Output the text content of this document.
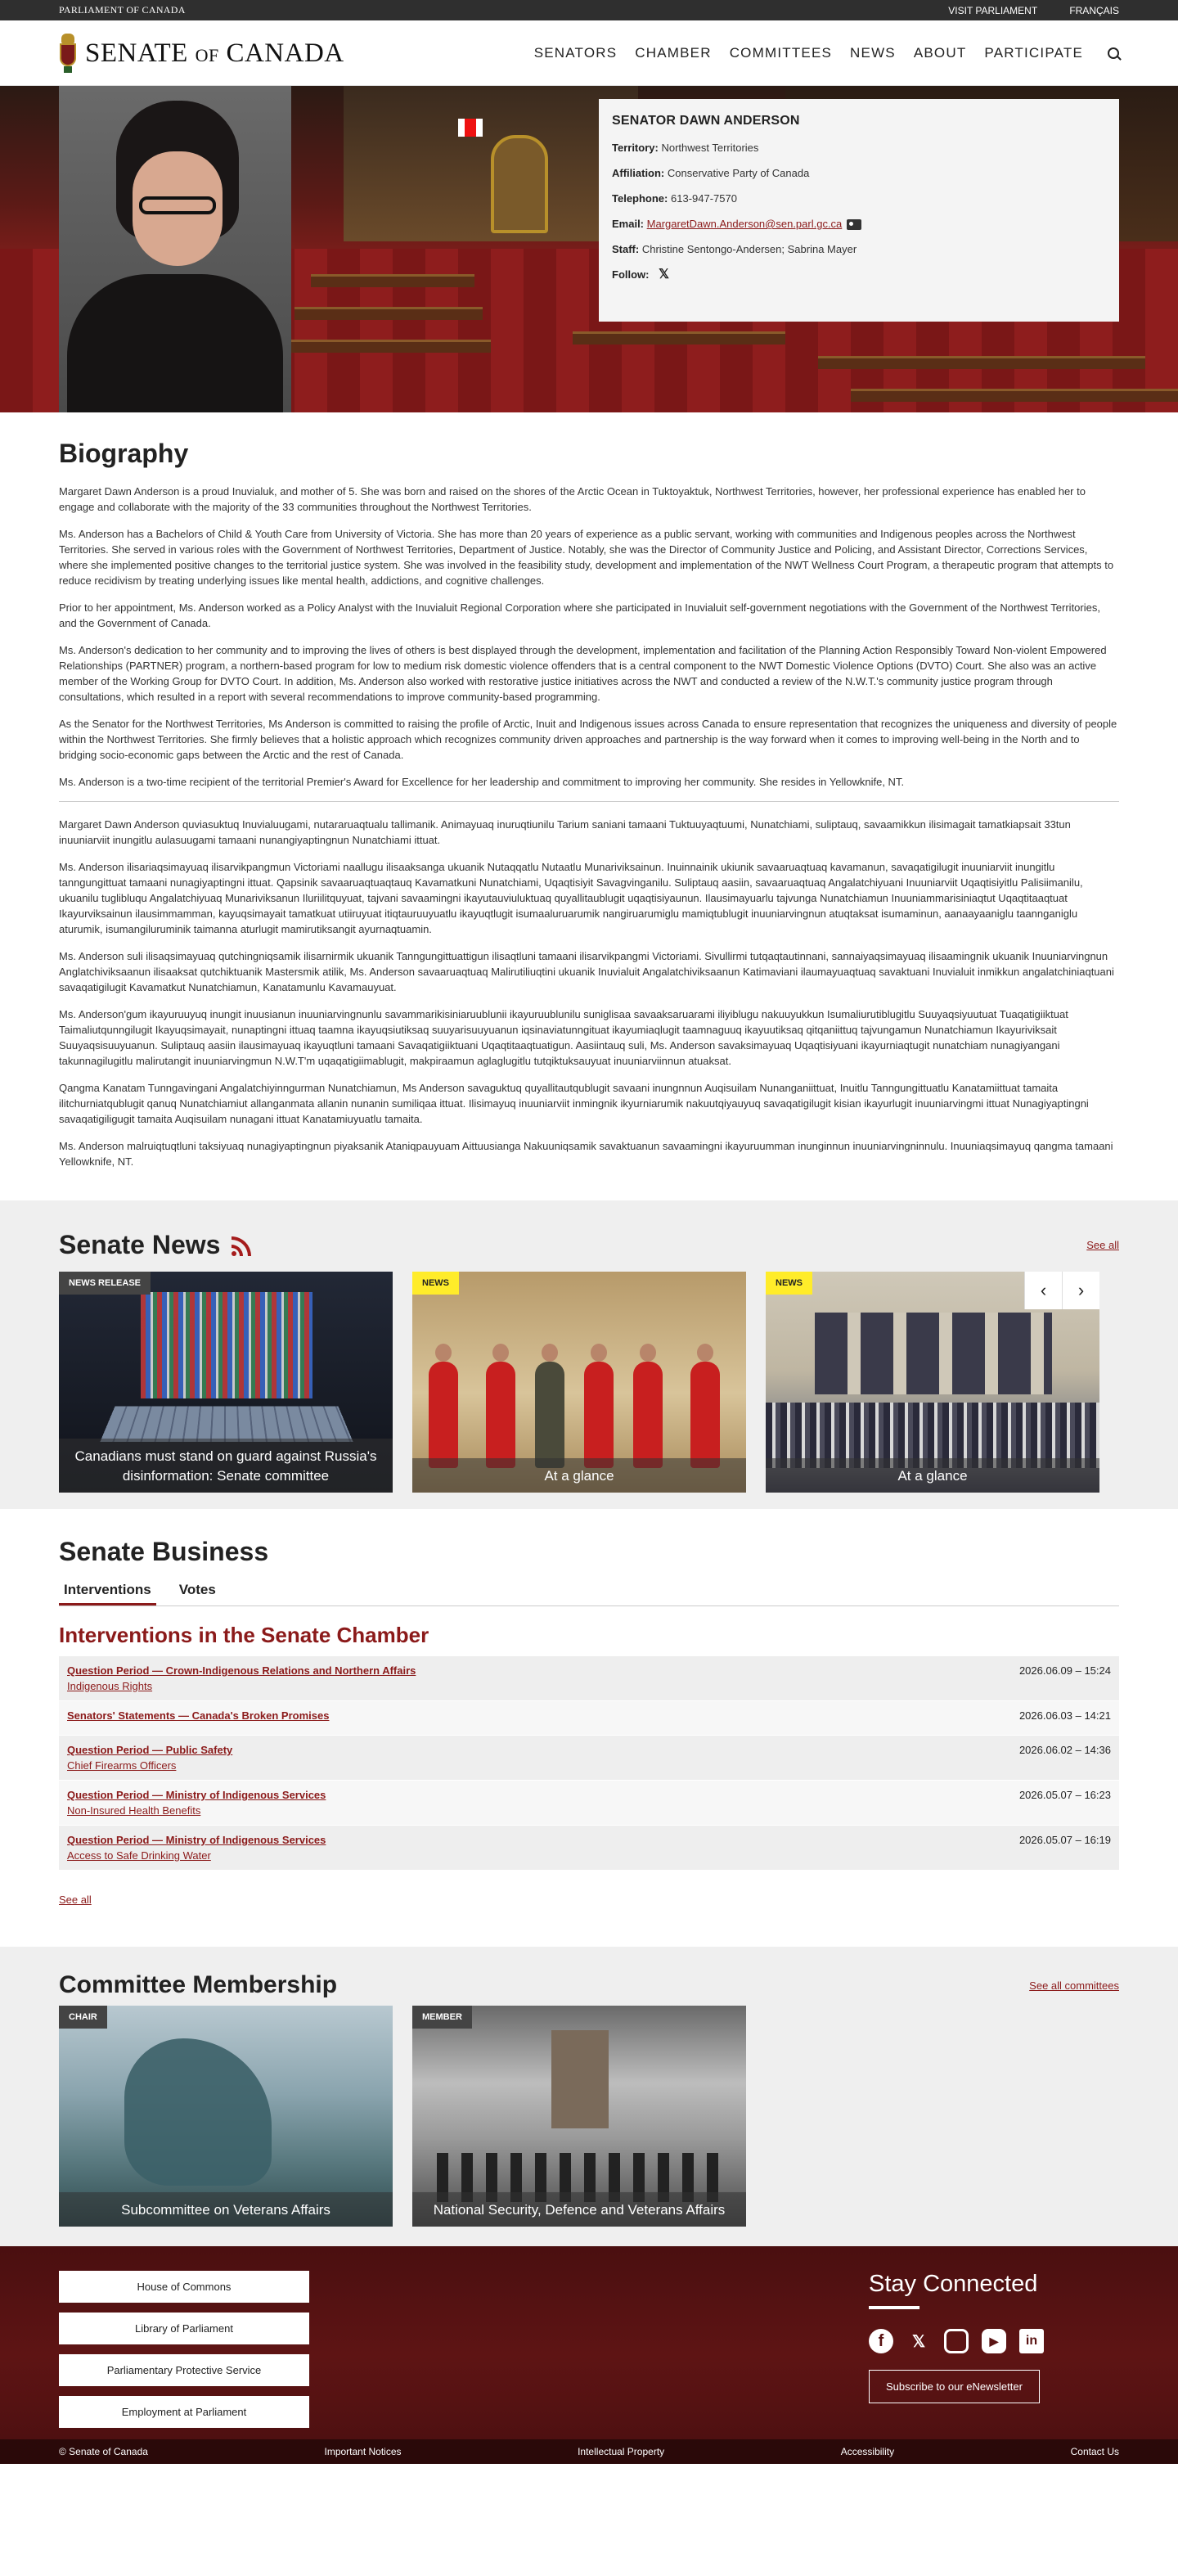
PARLIAMENT OF CANADA	VISIT PARLIAMENT	FRANÇAIS
SENATE OF CANADA	SENATORS CHAMBER COMMITTEES NEWS ABOUT PARTICIPATE
SENATOR DAWN ANDERSON

Territory: Northwest Territories

Affiliation: Conservative Party of Canada

Telephone: 613-947-7570

Email: MargaretDawn.Anderson@sen.parl.gc.ca

Staff: Christine Sentongo-Andersen; Sabrina Mayer

Follow: 𝕏

Biography

Margaret Dawn Anderson is a proud Inuvialuk, and mother of 5. She was born and raised on the shores of the Arctic Ocean in Tuktoyaktuk, Northwest Territories, however, her professional experience has enabled her to engage and collaborate with the majority of the 33 communities throughout the Northwest Territories.

Ms. Anderson has a Bachelors of Child & Youth Care from University of Victoria. She has more than 20 years of experience as a public servant, working with communities and Indigenous peoples across the Northwest Territories. She served in various roles with the Government of Northwest Territories, Department of Justice. Notably, she was the Director of Community Justice and Policing, and Assistant Director, Corrections Services, where she implemented positive changes to the territorial justice system. She was involved in the feasibility study, development and implementation of the NWT Wellness Court Program, a therapeutic program that attempts to reduce recidivism by treating underlying issues like mental health, addictions, and cognitive challenges.

Prior to her appointment, Ms. Anderson worked as a Policy Analyst with the Inuvialuit Regional Corporation where she participated in Inuvialuit self-government negotiations with the Government of the Northwest Territories, and the Government of Canada.

Ms. Anderson's dedication to her community and to improving the lives of others is best displayed through the development, implementation and facilitation of the Planning Action Responsibly Toward Non-violent Empowered Relationships (PARTNER) program, a northern-based program for low to medium risk domestic violence offenders that is a central component to the NWT Domestic Violence Options (DVTO) Court. She also was an active member of the Working Group for DVTO Court. In addition, Ms. Anderson also worked with restorative justice initiatives across the NWT and conducted a review of the N.W.T.'s community justice program through consultations, which resulted in a report with several recommendations to improve community-based programming.

As the Senator for the Northwest Territories, Ms Anderson is committed to raising the profile of Arctic, Inuit and Indigenous issues across Canada to ensure representation that recognizes the uniqueness and diversity of people within the Northwest Territories. She firmly believes that a holistic approach which recognizes community driven approaches and partnership is the way forward when it comes to improving well-being in the North and to bridging socio-economic gaps between the Arctic and the rest of Canada.

Ms. Anderson is a two-time recipient of the territorial Premier's Award for Excellence for her leadership and commitment to improving her community. She resides in Yellowknife, NT.

Margaret Dawn Anderson quviasuktuq Inuvialuugami, nutararuaqtualu tallimanik. Animayuaq inuruqtiunilu Tarium saniani tamaani Tuktuuyaqtuumi, Nunatchiami, suliptauq, savaamikkun ilisimagait tamatkiapsait 33tun inuuniarviit inungitlu aulasuugami tamaani nunangiyaptingnun Nunatchiami ittuat.

Ms. Anderson ilisariaqsimayuaq ilisarvikpangmun Victoriami naallugu ilisaaksanga ukuanik Nutaqqatlu Nutaatlu Munariviksainun. Inuinnainik ukiunik savaaruaqtuaq kavamanun, savaqatigilugit inuuniarviit inungitlu tanngungittuat tamaani nunagiyaptingni ittuat. Qapsinik savaaruaqtuaqtauq Kavamatkuni Nunatchiami, Uqaqtisiyit Savagvinganilu. Suliptauq aasiin, savaaruaqtuaq Angalatchiyuani Inuuniarviit Uqaqtisiyitlu Palisiimanilu, ukuanilu tuglibluqu Angalatchiyuaq Munariviksanun Iluriilitquyuat, tajvani savaamingni ikayutauviuluktuaq quyallitaublugit uqaqtisiyaunun. Ilausimayuarlu tajvunga Nunatchiamun Inuuniammarisiniaqtut Uqaqtitaaqtuat Ikayurviksainun ilausimmamman, kayuqsimayait tamatkuat utiiruyuat itiqtauruuyuatlu ikayuqtlugit isumaaluruarumik nangiruarumiglu mamiqtublugit inuuniarvingnun atuqtaksat isumaminun, aanaayaaniglu taannganiglu aturumik, isumangiluruminik taimanna aturlugit mamirutiksangit ayurnaqtuamin.

Ms. Anderson suli ilisaqsimayuaq qutchingniqsamik ilisarnirmik ukuanik Tanngungittuattigun ilisaqtluni tamaani ilisarvikpangmi Victoriami. Sivullirmi tutqaqtautinnani, sannaiyaqsimayuaq ilisaamingnik ukuanik Inuuniarvingnun Anglatchiviksaanun ilisaaksat qutchiktuanik Mastersmik atilik, Ms. Anderson savaaruaqtuaq Malirutiliuqtini ukuanik Inuvialuit Angalatchiviksaanun Katimaviani ilaumayuaqtuaq savaktuani Inuvialuit inmikkun angalatchiniaqtuani savaqatigilugit Kavamatkut Nunatchiamun, Kanatamunlu Kavamauyuat.

Ms. Anderson'gum ikayuruuyuq inungit inuusianun inuuniarvingnunlu savammarikisiniaruublunii ikayuruublunilu suniglisaa savaaksaruarami iliyiblugu nakuuyukkun Isumaliurutiblugitlu Suuyaqsiyuutuat Tuaqatigiiktuat Taimaliutqunngilugit Ikayuqsimayait, nunaptingni ittuaq taamna ikayuqsiutiksaq suuyarisuuyuanun iqsinaviatunngituat ikayumiaqlugit taamnaguuq ikayuutiksaq qitqaniittuq tajvungamun Nunatchiamun Ikayuriviksait Suuyaqsisuuyuanun. Suliptauq aasiin ilausimayuaq ikayuqtluni tamaani Savaqatigiiktuani Uqaqtitaaqtuatigun. Aasiintauq suli, Ms. Anderson savaksimayuaq Uqaqtisiyuani ikayurniaqtugit nunatchiam nunagiyangani takunnagilugitlu malirutangit inuuniarvingmun N.W.T'm uqaqatigiimablugit, makpiraamun aglaglugitlu tutqiktuksauyuat inuuniarviinnun atuaksat.

Qangma Kanatam Tunngavingani Angalatchiyinngurman Nunatchiamun, Ms Anderson savaguktuq quyallitautqublugit savaani inungnnun Auqisuilam Nunanganiittuat, Inuitlu Tanngungittuatlu Kanatamiittuat tamaita ilitchurniatqublugit qanuq Nunatchiamiut allanganmata allanin nunanin sumiliqaa ittuat. Ilisimayuq inuuniarviit inmingnik ikyurniarumik nakuutqiyauyuq savaqatigilugit kisian ikayurlugit inuuniarvingmi ittuat Nunagiyaptingni savaqatigiligugit tamaita Auqisuilam nunagani ittuat Kanatamiuyuatlu tamaita.

Ms. Anderson malruiqtuqtluni taksiyuaq nunagiyaptingnun piyaksanik Ataniqpauyuam Aittuusianga Nakuuniqsamik savaktuanun savaamingni ikayuruumman inunginnun inuuniarvingninnulu. Inuuniaqsimayuq qangma tamaani Yellowknife, NT.

Senate News	See all
NEWS RELEASE
Canadians must stand on guard against Russia's disinformation: Senate committee
NEWS
At a glance
NEWS
At a glance
‹	›
Senate Business
Interventions	Votes
Interventions in the Senate Chamber
Question Period — Crown-Indigenous Relations and Northern Affairs
Indigenous Rights
2026.06.09 – 15:24
Senators' Statements — Canada's Broken Promises	2026.06.03 – 14:21
Question Period — Public Safety
Chief Firearms Officers
2026.06.02 – 14:36
Question Period — Ministry of Indigenous Services
Non-Insured Health Benefits
2026.05.07 – 16:23
Question Period — Ministry of Indigenous Services
Access to Safe Drinking Water
2026.05.07 – 16:19
See all
Committee Membership	See all committees
CHAIR
Subcommittee on Veterans Affairs
MEMBER
National Security, Defence and Veterans Affairs
House of Commons
Library of Parliament
Parliamentary Protective Service
Employment at Parliament
Stay Connected
f	𝕏	▶	in
Subscribe to our eNewsletter
© Senate of Canada	Important Notices	Intellectual Property	Accessibility	Contact Us
